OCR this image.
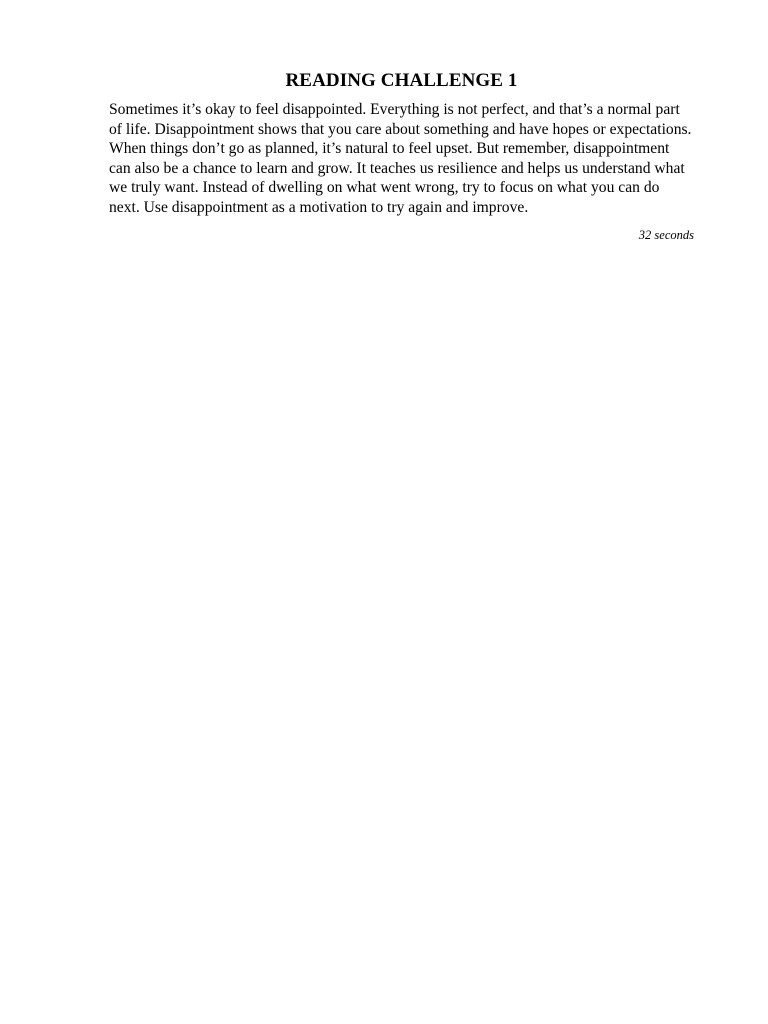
READING CHALLENGE 1

Sometimes it’s okay to feel disappointed. Everything is not perfect, and that’s a normal part of life. Disappointment shows that you care about something and have hopes or expectations. When things don’t go as planned, it’s natural to feel upset. But remember, disappointment can also be a chance to learn and grow. It teaches us resilience and helps us understand what we truly want. Instead of dwelling on what went wrong, try to focus on what you can do next. Use disappointment as a motivation to try again and improve.

32 seconds
